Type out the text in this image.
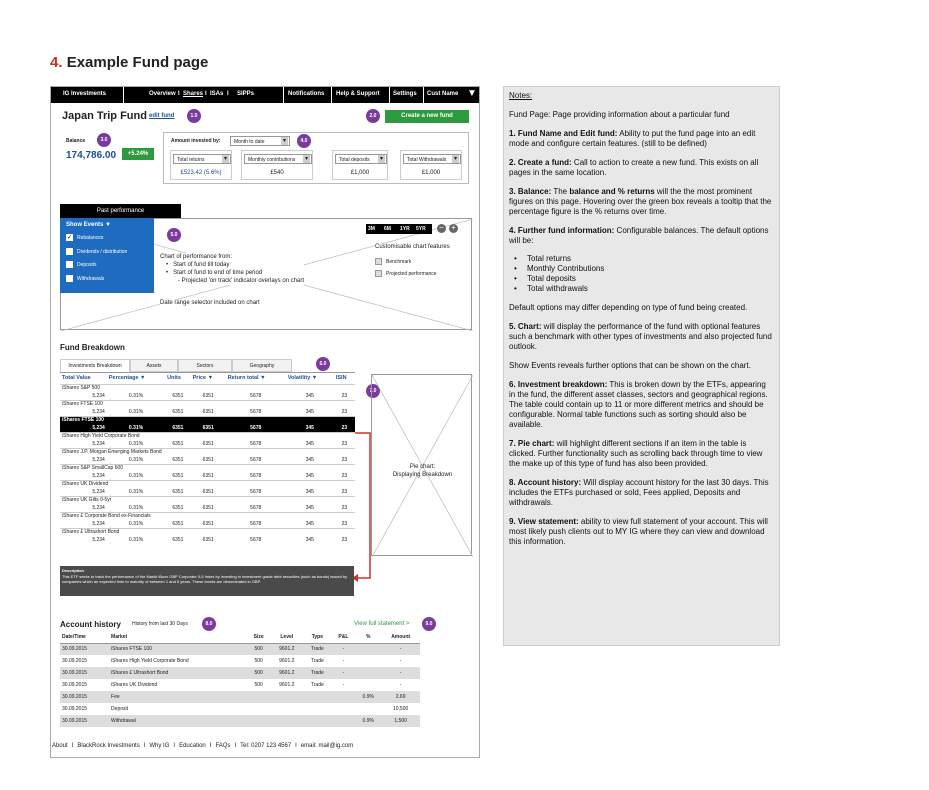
4. Example Fund page
IG Investments	Overview I Shares I ISAs I SIPPs	Notifications Help & Support Settings Cust Name ▼
Japan Trip Fund edit fund	1.0	2.0	Create a new fund
Balance	3.0
174,786.00	+5.24%
Amount invested by:	Month to date ▾	4.0
Total returns ▾
£523.42 (5.6%)
Monthly contributions ▾
£540
Total deposits ▾
£1,000
Total Withdrawals ▾
£1,000
Past performance
Show Events ▼
✓ Rebalances
Dividends / distribution
Deposits
Withdrawals
5.0
3M 6M 1YR 5YR − +
Customisable chart features
Benchmark
Projected performance
Chart of performance from:
•   Start of fund till today
•   Start of fund to end of time period
- Projected 'on track' indicator overlays on chart
Date range selector included on chart
Fund Breakdown
Investments Breakdown	Assets	Sectors	Geography	6.0
Total Value	Percentage ▼	Units	Price ▼	Return total ▼	Volatility ▼	ISIN
iShares S&P 500						
5,234	0.31%	6351	6351	5678	345	23
iShares FTSE 100						
5,234	0.31%	6351	6351	5678	345	23
iShares FTSE 100						
5,234	0.31%	6351	6351	5678	345	23
iShares High Yield Corporate Bond						
5,234	0.31%	6351	6351	5678	345	23
iShares J.P. Morgan Emerging Markets Bond						
5,234	0.31%	6351	6351	5678	345	23
iShares S&P SmallCap 600						
5,234	0.31%	6351	6351	5678	345	23
iShares UK Dividend						
5,234	0.31%	6351	6351	5678	345	23
iShares UK Gilts 0-5yr						
5,234	0.31%	6351	6351	5678	345	23
iShares £ Corporate Bond ex-Financials						
5,234	0.31%	6351	6351	5678	345	23
iShares £ Ultrashort Bond						
5,234	0.31%	6351	6351	5678	345	23
7.0
Pie chart:
Displaying Breakdown
Description
This ETF seeks to track the performance of the Markit iBoxx GBP Corporate 0-5 Index by investing in investment grade debt securities (such as bonds) issued by companies which an expected time to maturity of between 1 and 5 years. These bonds are denominated in GBP.
Account history History from last 30 Days	8.0	View full statement >	9.0
Date/Time	Market	Size	Level	Type	P&L	%	Amount
30.09.2015	iShares FTSE 100	500	9601.2	Trade	-		-
30.09.2015	iShares High Yield Corporate Bond	500	9601.2	Trade	-		-
30.09.2015	iShares £ Ultrashort Bond	500	9601.2	Trade	-		-
30.09.2015	iShares UK Dividend	500	9601.2	Trade	-		-
30.09.2015	Fee					0.9%	2.69
30.09.2015	Deposit						10,500
30.09.2015	Withdrawal					0.9%	1,500
About I BlackRock Investments I Why IG I Education I FAQs I Tel: 0207 123 4567 I email: mail@ig.com

Notes:

Fund Page: Page providing information about a particular fund

1. Fund Name and Edit fund: Ability to put the fund page into an edit mode and configure certain features. (still to be defined)

2. Create a fund: Call to action to create a new fund. This exists on all pages in the same location.

3. Balance: The balance and % returns will the the most prominent figures on this page. Hovering over the green box reveals a tooltip that the percentage figure is the % returns over time.

4. Further fund information: Configurable balances. The default options will be:

• Total returns
• Monthly Contributions
• Total deposits
• Total withdrawals

Default options may differ depending on type of fund being created.

5. Chart: will display the performance of the fund with optional features such a benchmark with other types of investments and also projected fund outlook.

Show Events reveals further options that can be shown on the chart.

6. Investment breakdown: This is broken down by the ETFs, appearing in the fund, the different asset classes, sectors and geographical regions. The table could contain up to 11 or more different metrics and should be configurable. Normal table functions such as sorting should also be available.

7. Pie chart: will highlight different sections if an item in the table is clicked. Further functionality such as scrolling back through time to view the make up of this type of fund has also been provided.

8. Account history: Will display account history for the last 30 days. This includes the ETFs purchased or sold, Fees applied, Deposits and withdrawals.

9. View statement: ability to view full statement of your account. This will most likely push clients out to MY IG where they can view and download this information.
